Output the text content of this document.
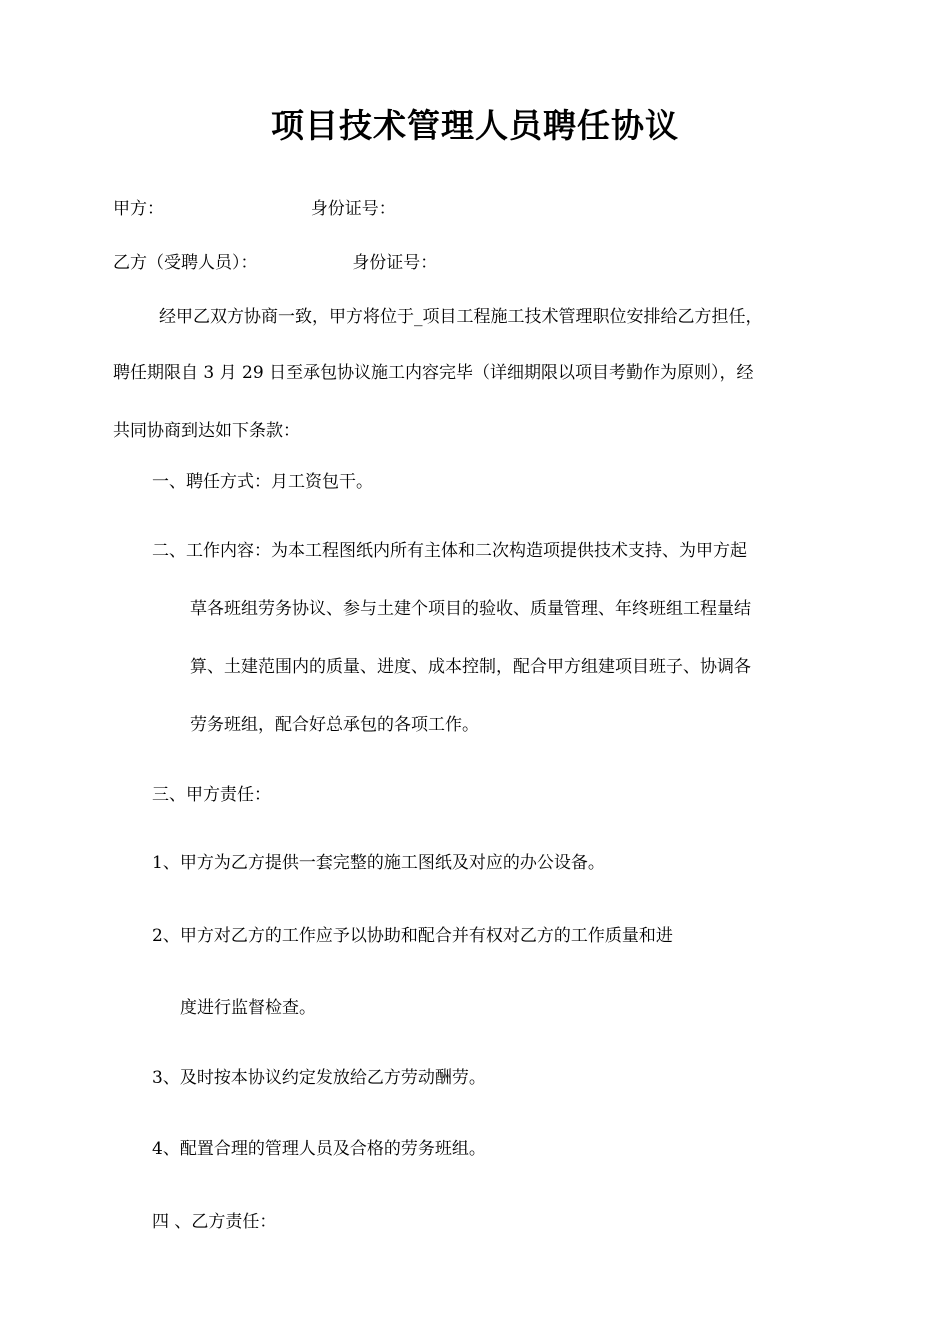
项目技术管理人员聘任协议
甲方：	身份证号：
乙方（受聘人员）：	身份证号：
经甲乙双方协商一致，甲方将位于_项目工程施工技术管理职位安排给乙方担任，
聘任期限自 3 月 29 日至承包协议施工内容完毕（详细期限以项目考勤作为原则），经
共同协商到达如下条款：
一、聘任方式：月工资包干。
二、工作内容：为本工程图纸内所有主体和二次构造项提供技术支持、为甲方起
草各班组劳务协议、参与土建个项目的验收、质量管理、年终班组工程量结
算、土建范围内的质量、进度、成本控制，配合甲方组建项目班子、协调各
劳务班组，配合好总承包的各项工作。
三、甲方责任：
1、甲方为乙方提供一套完整的施工图纸及对应的办公设备。
2、甲方对乙方的工作应予以协助和配合并有权对乙方的工作质量和进
度进行监督检查。
3、及时按本协议约定发放给乙方劳动酬劳。
4、配置合理的管理人员及合格的劳务班组。
四 、乙方责任：
